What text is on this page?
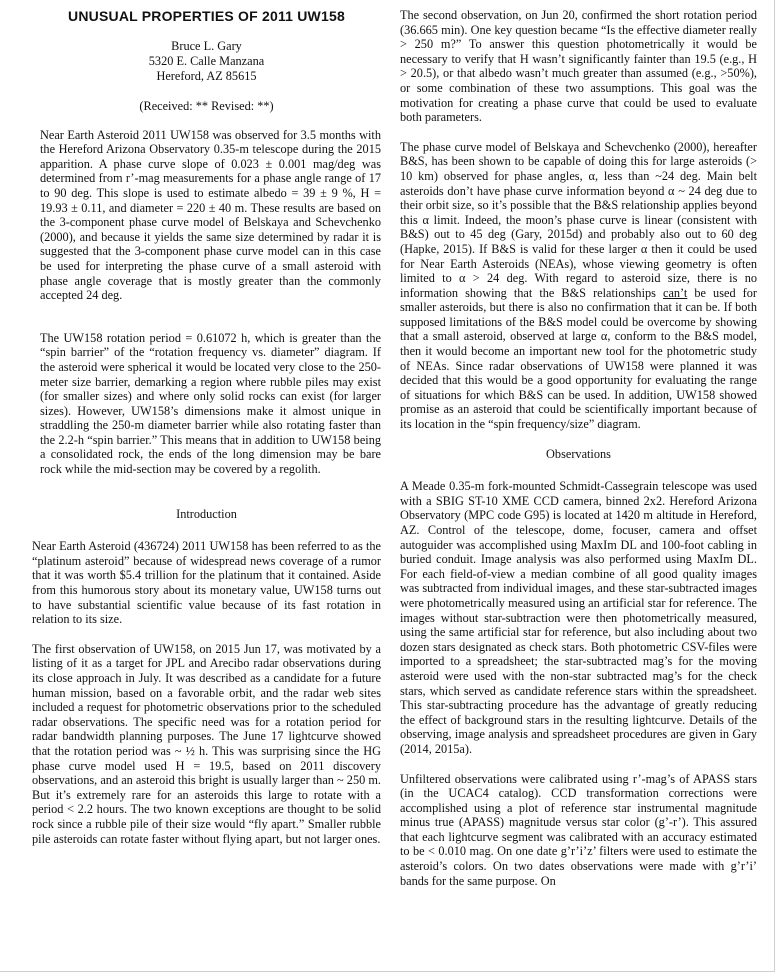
UNUSUAL PROPERTIES OF 2011 UW158
Bruce L. Gary
5320 E. Calle Manzana
Hereford, AZ 85615
(Received: ** Revised: **)

Near Earth Asteroid 2011 UW158 was observed for 3.5 months with the Hereford Arizona Observatory 0.35-m telescope during the 2015 apparition. A phase curve slope of 0.023 ± 0.001 mag/deg was determined from r’-mag measurements for a phase angle range of 17 to 90 deg. This slope is used to estimate albedo = 39 ± 9 %, H = 19.93 ± 0.11, and diameter = 220 ± 40 m. These results are based on the 3-component phase curve model of Belskaya and Schevchenko (2000), and because it yields the same size determined by radar it is suggested that the 3-component phase curve model can in this case be used for interpreting the phase curve of a small asteroid with phase angle coverage that is mostly greater than the commonly accepted 24 deg.

The UW158 rotation period = 0.61072 h, which is greater than the “spin barrier” of the “rotation frequency vs. diameter” diagram. If the asteroid were spherical it would be located very close to the 250-meter size barrier, demarking a region where rubble piles may exist (for smaller sizes) and where only solid rocks can exist (for larger sizes). However, UW158’s dimensions make it almost unique in straddling the 250-m diameter barrier while also rotating faster than the 2.2-h “spin barrier.” This means that in addition to UW158 being a consolidated rock, the ends of the long dimension may be bare rock while the mid-section may be covered by a regolith.

Introduction

Near Earth Asteroid (436724) 2011 UW158 has been referred to as the “platinum asteroid” because of widespread news coverage of a rumor that it was worth $5.4 trillion for the platinum that it contained. Aside from this humorous story about its monetary value, UW158 turns out to have substantial scientific value because of its fast rotation in relation to its size.

The first observation of UW158, on 2015 Jun 17, was motivated by a listing of it as a target for JPL and Arecibo radar observations during its close approach in July. It was described as a candidate for a future human mission, based on a favorable orbit, and the radar web sites included a request for photometric observations prior to the scheduled radar observations. The specific need was for a rotation period for radar bandwidth planning purposes. The June 17 lightcurve showed that the rotation period was ~ ½ h. This was surprising since the HG phase curve model used H = 19.5, based on 2011 discovery observations, and an asteroid this bright is usually larger than ~ 250 m. But it’s extremely rare for an asteroids this large to rotate with a period < 2.2 hours. The two known exceptions are thought to be solid rock since a rubble pile of their size would “fly apart.” Smaller rubble pile asteroids can rotate faster without flying apart, but not larger ones.

The second observation, on Jun 20, confirmed the short rotation period (36.665 min). One key question became “Is the effective diameter really > 250 m?” To answer this question photometrically it would be necessary to verify that H wasn’t significantly fainter than 19.5 (e.g., H > 20.5), or that albedo wasn’t much greater than assumed (e.g., >50%), or some combination of these two assumptions. This goal was the motivation for creating a phase curve that could be used to evaluate both parameters.

The phase curve model of Belskaya and Schevchenko (2000), hereafter B&S, has been shown to be capable of doing this for large asteroids (> 10 km) observed for phase angles, α, less than ~24 deg. Main belt asteroids don’t have phase curve information beyond α ~ 24 deg due to their orbit size, so it’s possible that the B&S relationship applies beyond this α limit. Indeed, the moon’s phase curve is linear (consistent with B&S) out to 45 deg (Gary, 2015d) and probably also out to 60 deg (Hapke, 2015). If B&S is valid for these larger α then it could be used for Near Earth Asteroids (NEAs), whose viewing geometry is often limited to α > 24 deg. With regard to asteroid size, there is no information showing that the B&S relationships can’t be used for smaller asteroids, but there is also no confirmation that it can be. If both supposed limitations of the B&S model could be overcome by showing that a small asteroid, observed at large α, conform to the B&S model, then it would become an important new tool for the photometric study of NEAs. Since radar observations of UW158 were planned it was decided that this would be a good opportunity for evaluating the range of situations for which B&S can be used. In addition, UW158 showed promise as an asteroid that could be scientifically important because of its location in the “spin frequency/size” diagram.

Observations

A Meade 0.35-m fork-mounted Schmidt-Cassegrain telescope was used with a SBIG ST-10 XME CCD camera, binned 2x2. Hereford Arizona Observatory (MPC code G95) is located at 1420 m altitude in Hereford, AZ. Control of the telescope, dome, focuser, camera and offset autoguider was accomplished using MaxIm DL and 100-foot cabling in buried conduit. Image analysis was also performed using MaxIm DL. For each field-of-view a median combine of all good quality images was subtracted from individual images, and these star-subtracted images were photometrically measured using an artificial star for reference. The images without star-subtraction were then photometrically measured, using the same artificial star for reference, but also including about two dozen stars designated as check stars. Both photometric CSV-files were imported to a spreadsheet; the star-subtracted mag’s for the moving asteroid were used with the non-star subtracted mag’s for the check stars, which served as candidate reference stars within the spreadsheet. This star-subtracting procedure has the advantage of greatly reducing the effect of background stars in the resulting lightcurve. Details of the observing, image analysis and spreadsheet procedures are given in Gary (2014, 2015a).

Unfiltered observations were calibrated using r’-mag’s of APASS stars (in the UCAC4 catalog). CCD transformation corrections were accomplished using a plot of reference star instrumental magnitude minus true (APASS) magnitude versus star color (g’-r’). This assured that each lightcurve segment was calibrated with an accuracy estimated to be < 0.010 mag. On one date g’r’i’z’ filters were used to estimate the asteroid’s colors. On two dates observations were made with g’r’i’ bands for the same purpose. On
